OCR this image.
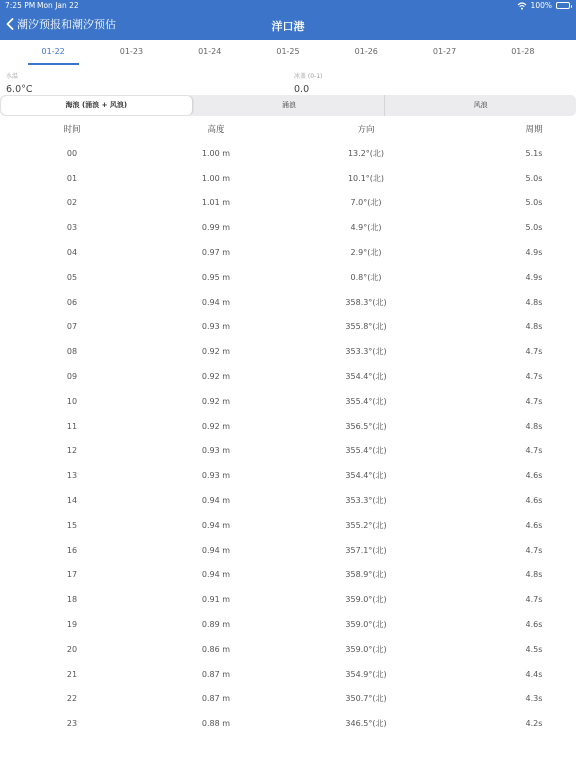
7:25 PM Mon Jan 22	100%
潮汐预报和潮汐预估	洋口港
01-22	01-23	01-24	01-25	01-26	01-27	01-28
水温
6.0°C
冰盖 (0-1)
0.0
海浪 (涌浪 + 风浪)	涌浪	风浪
时间	高度	方向	周期
00	1.00 m	13.2°(北)	5.1s
01	1.00 m	10.1°(北)	5.0s
02	1.01 m	7.0°(北)	5.0s
03	0.99 m	4.9°(北)	5.0s
04	0.97 m	2.9°(北)	4.9s
05	0.95 m	0.8°(北)	4.9s
06	0.94 m	358.3°(北)	4.8s
07	0.93 m	355.8°(北)	4.8s
08	0.92 m	353.3°(北)	4.7s
09	0.92 m	354.4°(北)	4.7s
10	0.92 m	355.4°(北)	4.7s
11	0.92 m	356.5°(北)	4.8s
12	0.93 m	355.4°(北)	4.7s
13	0.93 m	354.4°(北)	4.6s
14	0.94 m	353.3°(北)	4.6s
15	0.94 m	355.2°(北)	4.6s
16	0.94 m	357.1°(北)	4.7s
17	0.94 m	358.9°(北)	4.8s
18	0.91 m	359.0°(北)	4.7s
19	0.89 m	359.0°(北)	4.6s
20	0.86 m	359.0°(北)	4.5s
21	0.87 m	354.9°(北)	4.4s
22	0.87 m	350.7°(北)	4.3s
23	0.88 m	346.5°(北)	4.2s
